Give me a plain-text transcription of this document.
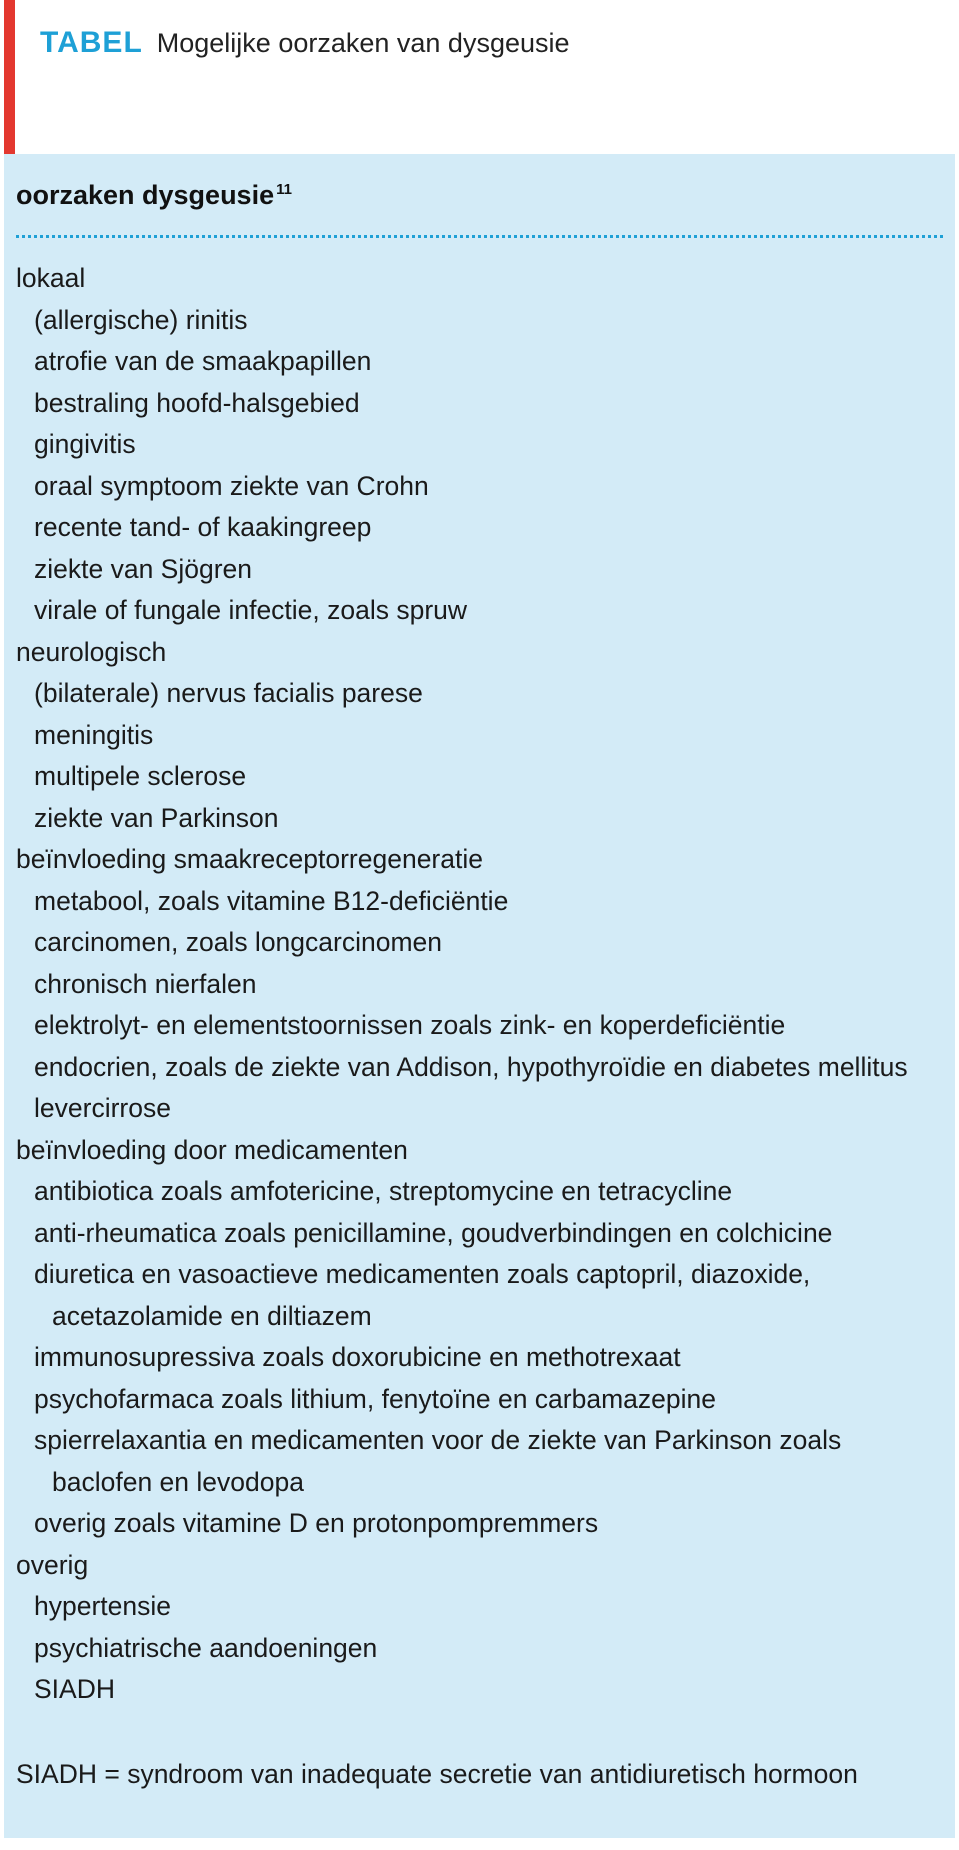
TABEL Mogelijke oorzaken van dysgeusie
oorzaken dysgeusie $^{11}$
lokaal
(allergische) rinitis
atrofie van de smaakpapillen
bestraling hoofd-halsgebied
gingivitis
oraal symptoom ziekte van Crohn
recente tand- of kaakingreep
ziekte van Sjögren
virale of fungale infectie, zoals spruw
neurologisch
(bilaterale) nervus facialis parese
meningitis
multipele sclerose
ziekte van Parkinson
beïnvloeding smaakreceptorregeneratie
metabool, zoals vitamine B12-deficiëntie
carcinomen, zoals longcarcinomen
chronisch nierfalen
elektrolyt- en elementstoornissen zoals zink- en koperdeficiëntie
endocrien, zoals de ziekte van Addison, hypothyroïdie en diabetes mellitus
levercirrose
beïnvloeding door medicamenten
antibiotica zoals amfotericine, streptomycine en tetracycline
anti-rheumatica zoals penicillamine, goudverbindingen en colchicine
diuretica en vasoactieve medicamenten zoals captopril, diazoxide,
acetazolamide en diltiazem
immunosupressiva zoals doxorubicine en methotrexaat
psychofarmaca zoals lithium, fenytoïne en carbamazepine
spierrelaxantia en medicamenten voor de ziekte van Parkinson zoals
baclofen en levodopa
overig zoals vitamine D en protonpompremmers
overig
hypertensie
psychiatrische aandoeningen
SIADH
SIADH = syndroom van inadequate secretie van antidiuretisch hormoon
